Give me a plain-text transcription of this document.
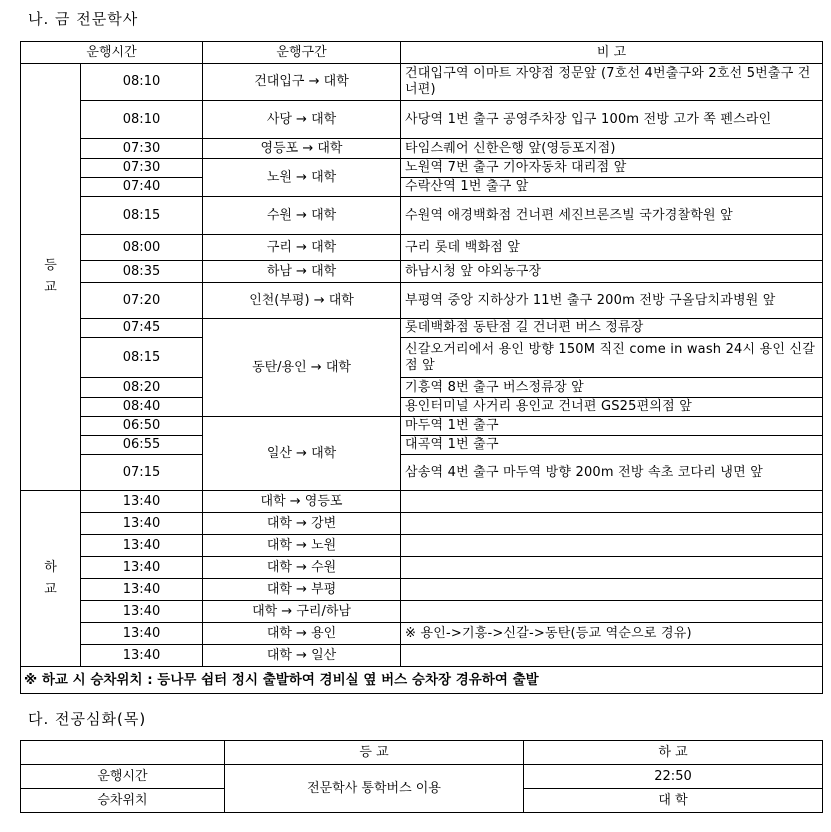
나. 금 전문학사
운행시간		운행구간	비 고
등
교	08:10	건대입구 → 대학	건대입구역 이마트 자양점 정문앞 (7호선 4번출구와 2호선 5번출구 건너편)
	08:10	사당 → 대학	사당역 1번 출구 공영주차장 입구 100m 전방 고가 쪽 펜스라인
	07:30	영등포 → 대학	타임스퀘어 신한은행 앞(영등포지점)
	07:30	노원 → 대학	노원역 7번 출구 기아자동차 대리점 앞
	07:40		수락산역 1번 출구 앞
	08:15	수원 → 대학	수원역 애경백화점 건너편 세진브론즈빌 국가경찰학원 앞
	08:00	구리 → 대학	구리 롯데 백화점 앞
	08:35	하남 → 대학	하남시청 앞 야외농구장
	07:20	인천(부평) → 대학	부평역 중앙 지하상가 11번 출구 200m 전방 구올담치과병원 앞
	07:45	동탄/용인 → 대학	롯데백화점 동탄점 길 건너편 버스 정류장
	08:15		신갈오거리에서 용인 방향 150M 직진 come in wash 24시 용인 신갈점 앞
	08:20		기흥역 8번 출구 버스정류장 앞
	08:40		용인터미널 사거리 용인교 건너편 GS25편의점 앞
	06:50	일산 → 대학	마두역 1번 출구
	06:55		대곡역 1번 출구
	07:15		삼송역 4번 출구 마두역 방향 200m 전방 속초 코다리 냉면 앞
하
교	13:40	대학 → 영등포	
	13:40	대학 → 강변	
	13:40	대학 → 노원	
	13:40	대학 → 수원	
	13:40	대학 → 부평	
	13:40	대학 → 구리/하남	
	13:40	대학 → 용인	※ 용인->기흥->신갈->동탄(등교 역순으로 경유)
	13:40	대학 → 일산	
※ 하교 시 승차위치 : 등나무 쉼터 정시 출발하여 경비실 옆 버스 승차장 경유하여 출발			
다. 전공심화(목)
	등 교	하 교
운행시간	전문학사 통학버스 이용	22:50
승차위치		대 학
